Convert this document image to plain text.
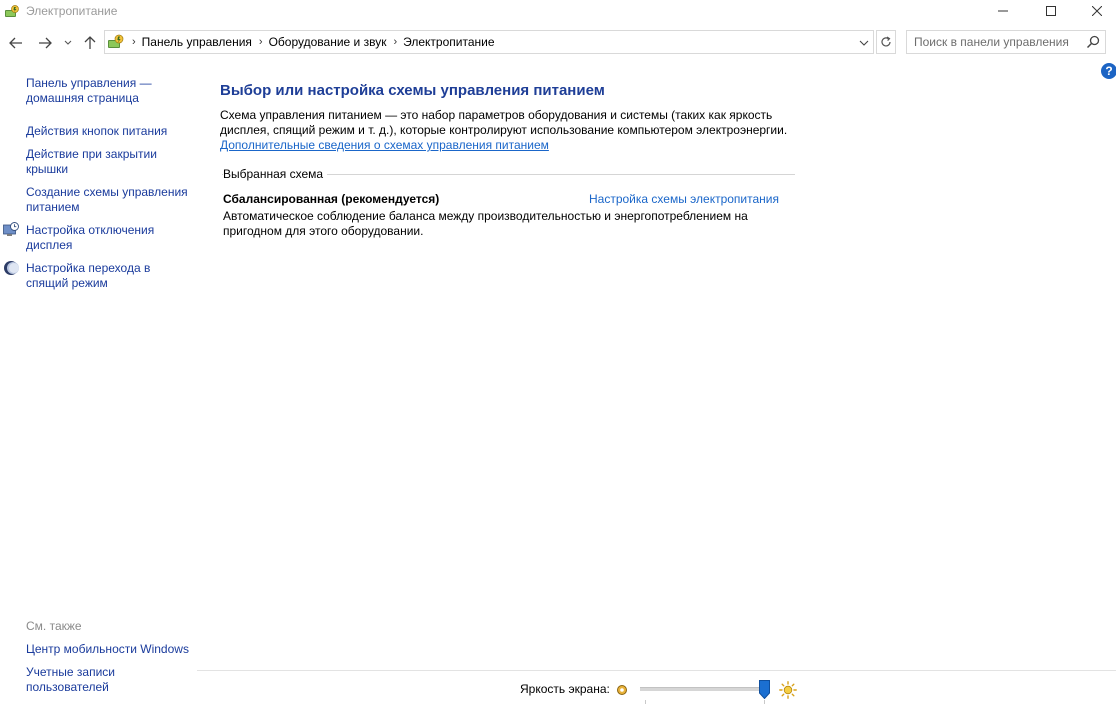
Электропитание
› Панель управления › Оборудование и звук › Электропитание
Поиск в панели управления
?
Панель управления —
домашняя страница
Действия кнопок питания
Действие при закрытии
крышки
Создание схемы управления
питанием
Настройка отключения
дисплея
Настройка перехода в
спящий режим
См. также
Центр мобильности Windows
Учетные записи
пользователей
Выбор или настройка схемы управления питанием
Схема управления питанием — это набор параметров оборудования и системы (таких как яркость
дисплея, спящий режим и т. д.), которые контролируют использование компьютером электроэнергии.
Дополнительные сведения о схемах управления питанием
Выбранная схема
Сбалансированная (рекомендуется)	Настройка схемы электропитания
Автоматическое соблюдение баланса между производительностью и энергопотреблением на
пригодном для этого оборудовании.
Яркость экрана:
